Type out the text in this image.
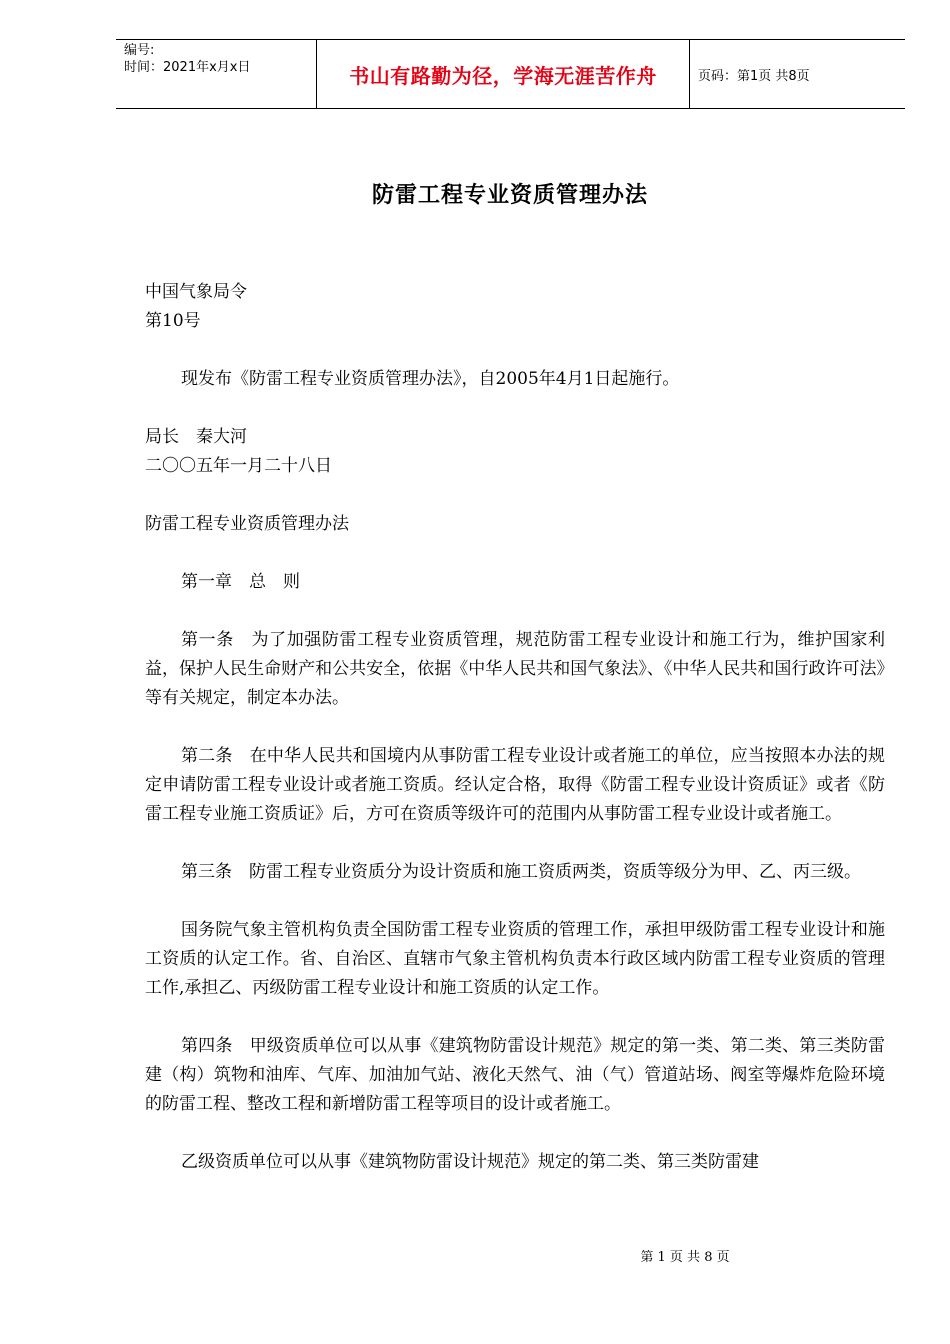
编号:
时间：2021年x月x日	书山有路勤为径，学海无涯苦作舟	页码：第1页 共8页
防雷工程专业资质管理办法

中国气象局令

第10号

现发布《防雷工程专业资质管理办法》，自2005年4月1日起施行。

局长　秦大河

二〇〇五年一月二十八日

防雷工程专业资质管理办法

第一章　总　则

第一条　为了加强防雷工程专业资质管理，规范防雷工程专业设计和施工行为，维护国家利益，保护人民生命财产和公共安全，依据《中华人民共和国气象法》、《中华人民共和国行政许可法》等有关规定，制定本办法。

第二条　在中华人民共和国境内从事防雷工程专业设计或者施工的单位，应当按照本办法的规定申请防雷工程专业设计或者施工资质。经认定合格，取得《防雷工程专业设计资质证》或者《防雷工程专业施工资质证》后，方可在资质等级许可的范围内从事防雷工程专业设计或者施工。

第三条　防雷工程专业资质分为设计资质和施工资质两类，资质等级分为甲、乙、丙三级。

国务院气象主管机构负责全国防雷工程专业资质的管理工作，承担甲级防雷工程专业设计和施工资质的认定工作。省、自治区、直辖市气象主管机构负责本行政区域内防雷工程专业资质的管理工作,承担乙、丙级防雷工程专业设计和施工资质的认定工作。

第四条　甲级资质单位可以从事《建筑物防雷设计规范》规定的第一类、第二类、第三类防雷建（构）筑物和油库、气库、加油加气站、液化天然气、油（气）管道站场、阀室等爆炸危险环境的防雷工程、整改工程和新增防雷工程等项目的设计或者施工。

乙级资质单位可以从事《建筑物防雷设计规范》规定的第二类、第三类防雷建

第 1 页 共 8 页
